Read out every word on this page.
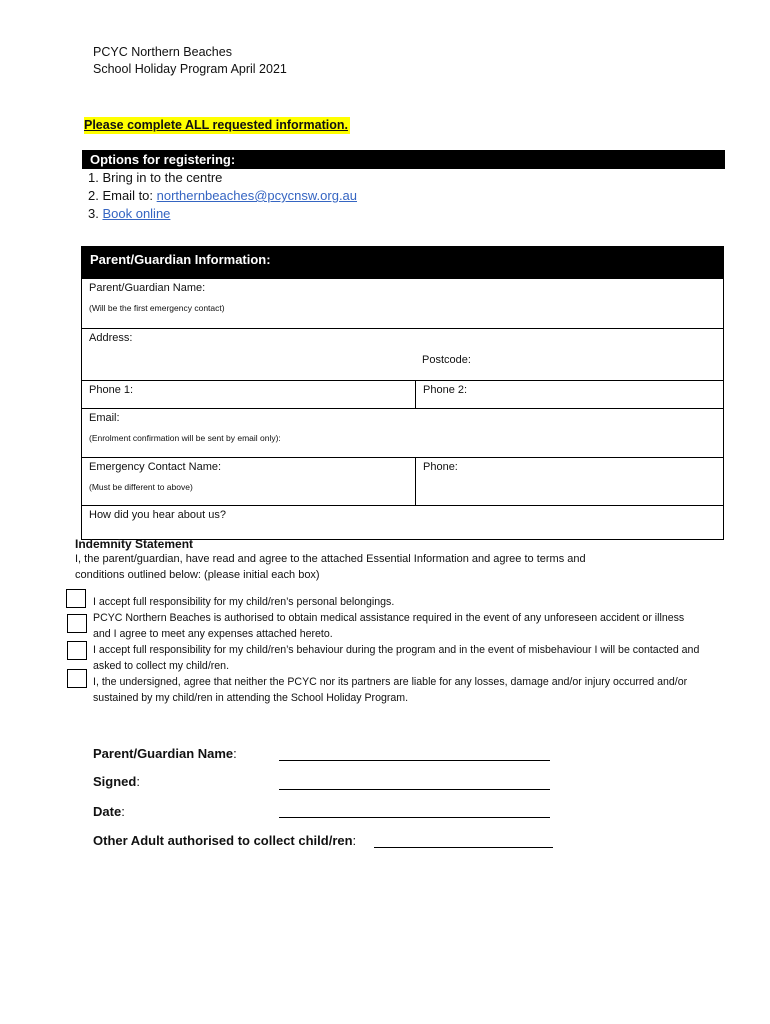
PCYC Northern Beaches
School Holiday Program April 2021
Please complete ALL requested information.
Options for registering:
1. Bring in to the centre
2. Email to: northernbeaches@pcycnsw.org.au
3. Book online
Parent/Guardian Information:
Parent/Guardian Name:
(Will be the first emergency contact)
Address:
Postcode:
Phone 1:	Phone 2:
Email:
(Enrolment confirmation will be sent by email only):
Emergency Contact Name:
(Must be different to above)
Phone:
How did you hear about us?
Indemnity Statement
I, the parent/guardian, have read and agree to the attached Essential Information and agree to terms and
conditions outlined below: (please initial each box)
I accept full responsibility for my child/ren’s personal belongings.
PCYC Northern Beaches is authorised to obtain medical assistance required in the event of any unforeseen accident or illness and I agree to meet any expenses attached hereto.
I accept full responsibility for my child/ren’s behaviour during the program and in the event of misbehaviour I will be contacted and asked to collect my child/ren.
I, the undersigned, agree that neither the PCYC nor its partners are liable for any losses, damage and/or injury occurred and/or sustained by my child/ren in attending the School Holiday Program.
Parent/Guardian Name:
Signed:
Date:
Other Adult authorised to collect child/ren:
